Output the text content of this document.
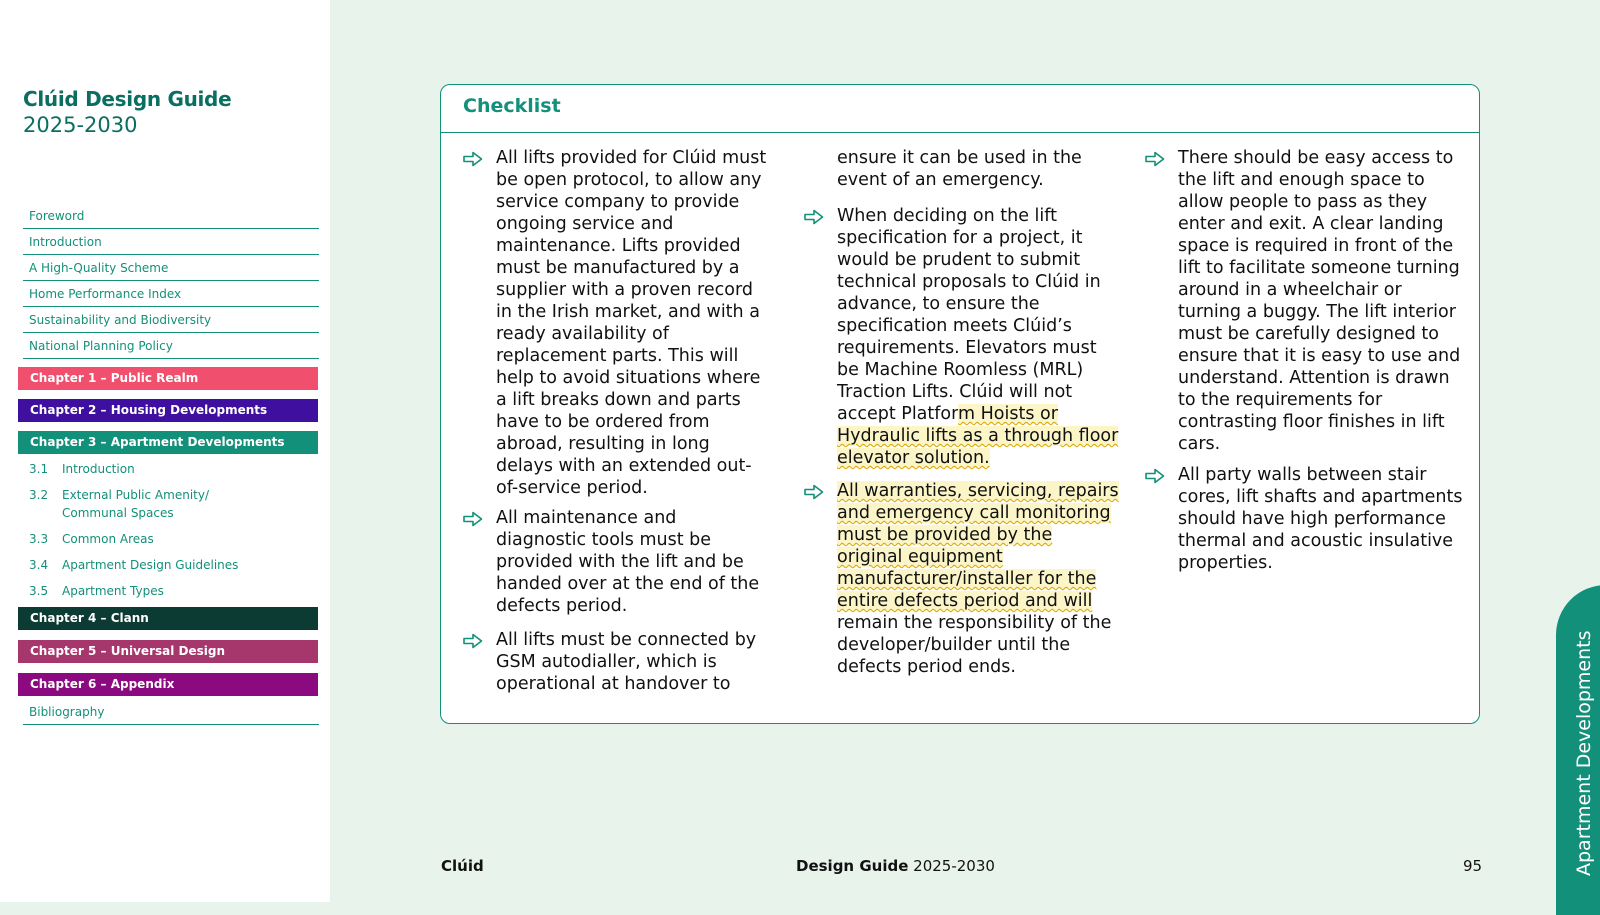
Clúid Design Guide
2025-2030
Foreword
Introduction
A High-Quality Scheme
Home Performance Index
Sustainability and Biodiversity
National Planning Policy
Chapter 1 – Public Realm
Chapter 2 – Housing Developments
Chapter 3 – Apartment Developments
3.1	Introduction
3.2	External Public Amenity/ Communal Spaces
3.3	Common Areas
3.4	Apartment Design Guidelines
3.5	Apartment Types
Chapter 4 – Clann
Chapter 5 – Universal Design
Chapter 6 – Appendix
Bibliography
Checklist
All lifts provided for Clúid must be open protocol, to allow any service company to provide ongoing service and maintenance. Lifts provided must be manufactured by a supplier with a proven record in the Irish market, and with a ready availability of replacement parts. This will help to avoid situations where a lift breaks down and parts have to be ordered from abroad, resulting in long delays with an extended out-of-service period.
All maintenance and diagnostic tools must be provided with the lift and be handed over at the end of the defects period.
All lifts must be connected by GSM autodialler, which is operational at handover to
ensure it can be used in the event of an emergency.
When deciding on the lift specification for a project, it would be prudent to submit technical proposals to Clúid in advance, to ensure the specification meets Clúid’s requirements. Elevators must be Machine Roomless (MRL) Traction Lifts. Clúid will not accept Platform Hoists or Hydraulic lifts as a through floor elevator solution.
All warranties, servicing, repairs and emergency call monitoring must be provided by the original equipment manufacturer/installer for the entire defects period and will remain the responsibility of the developer/builder until the defects period ends.
There should be easy access to the lift and enough space to allow people to pass as they enter and exit. A clear landing space is required in front of the lift to facilitate someone turning around in a wheelchair or turning a buggy. The lift interior must be carefully designed to ensure that it is easy to use and understand. Attention is drawn to the requirements for contrasting floor finishes in lift cars.
All party walls between stair cores, lift shafts and apartments should have high performance thermal and acoustic insulative properties.
Clúid	Design Guide 2025-2030	95	Apartment Developments
